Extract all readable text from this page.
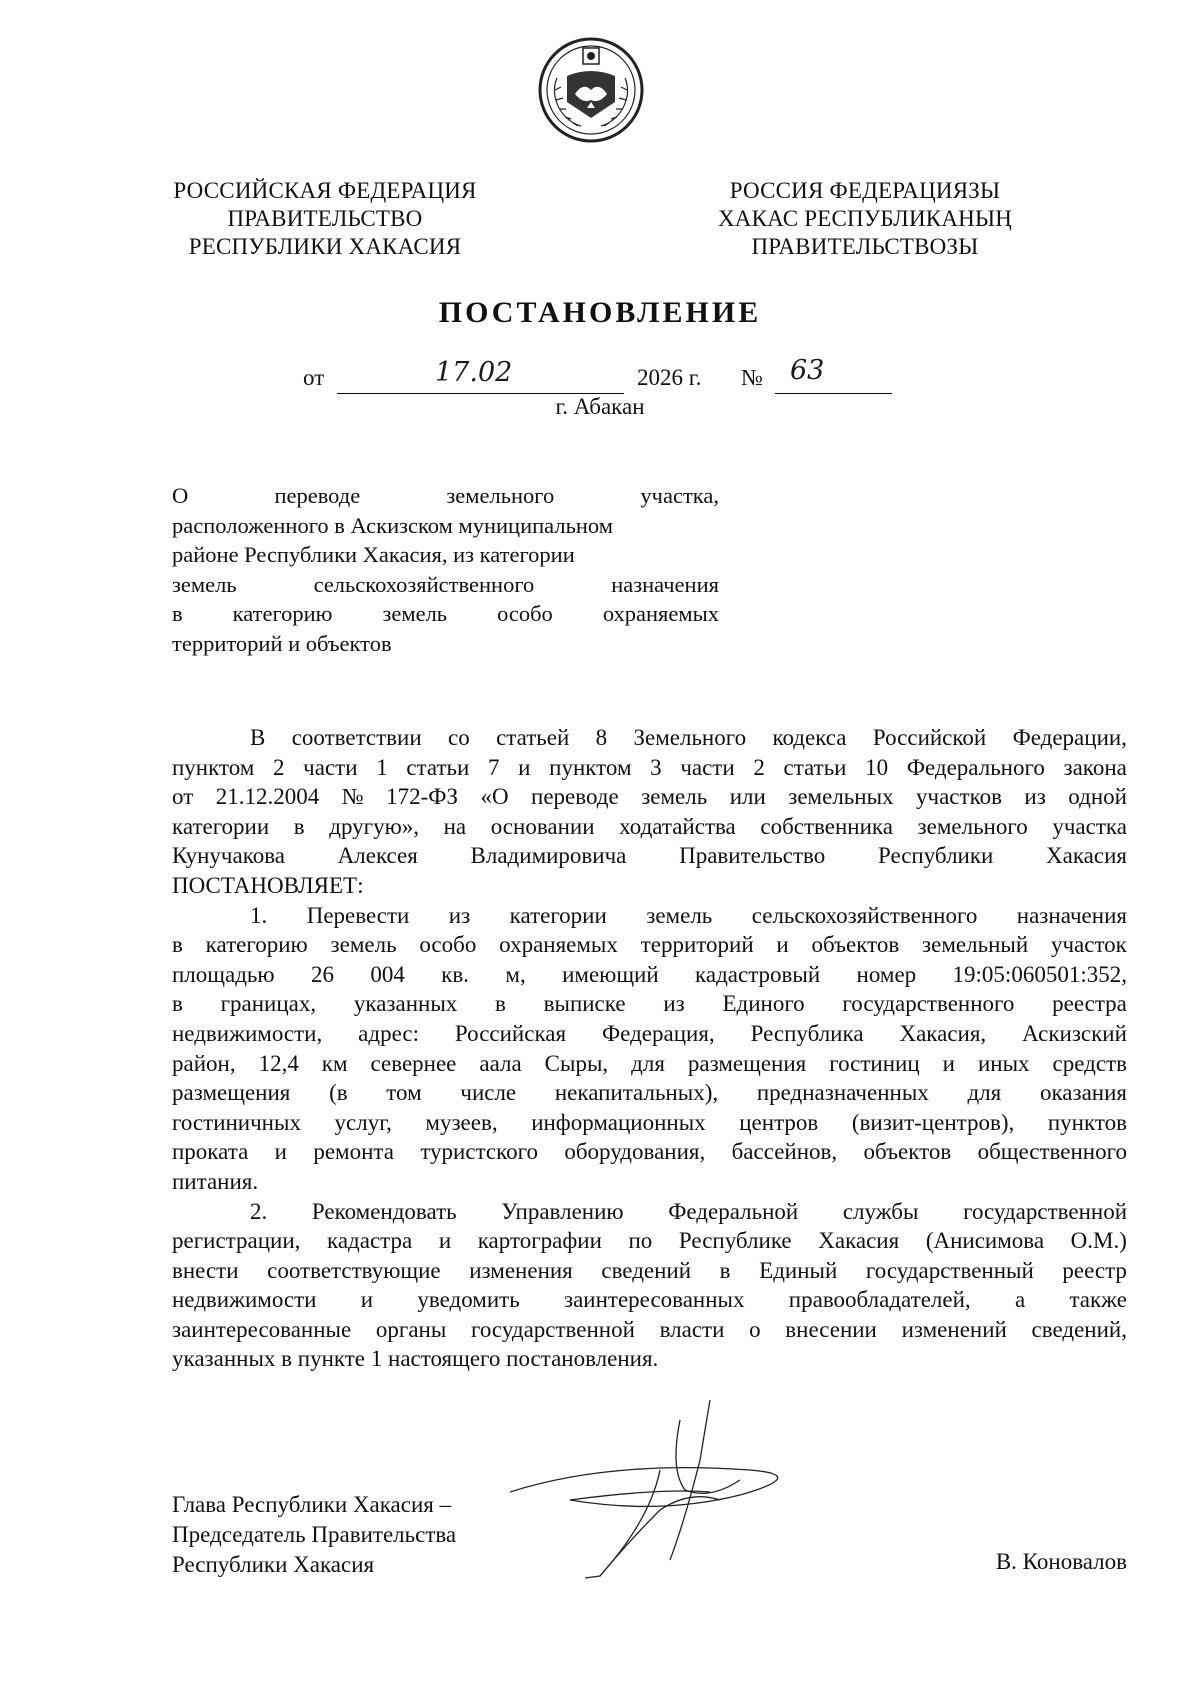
РОССИЙСКАЯ ФЕДЕРАЦИЯ
ПРАВИТЕЛЬСТВО
РЕСПУБЛИКИ ХАКАСИЯ
РОССИЯ ФЕДЕРАЦИЯЗЫ
ХАКАС РЕСПУБЛИКАНЫҢ
ПРАВИТЕЛЬСТВОЗЫ
ПОСТАНОВЛЕНИЕ
от	17.02	2026 г. № 63
г. Абакан
О	переводе	земельного	участка,
расположенного в Аскизском муниципальном
районе Республики Хакасия, из категории
земель	сельскохозяйственного	назначения
в категорию земель особо охраняемых
территорий и объектов
В соответствии со статьей 8 Земельного кодекса Российской Федерации,
пунктом 2 части 1 статьи 7 и пунктом 3 части 2 статьи 10 Федерального закона
от 21.12.2004 № 172-ФЗ «О переводе земель или земельных участков из одной
категории в другую», на основании ходатайства собственника земельного участка
Кунучакова Алексея Владимировича Правительство Республики Хакасия
ПОСТАНОВЛЯЕТ:
1. Перевести из категории земель сельскохозяйственного назначения
в категорию земель особо охраняемых территорий и объектов земельный участок
площадью 26 004 кв. м, имеющий кадастровый номер 19:05:060501:352,
в границах, указанных в выписке из Единого государственного реестра
недвижимости, адрес: Российская Федерация, Республика Хакасия, Аскизский
район, 12,4 км севернее аала Сыры, для размещения гостиниц и иных средств
размещения (в том числе некапитальных), предназначенных для оказания
гостиничных услуг, музеев, информационных центров (визит-центров), пунктов
проката и ремонта туристского оборудования, бассейнов, объектов общественного
питания.
2. Рекомендовать Управлению Федеральной службы государственной
регистрации, кадастра и картографии по Республике Хакасия (Анисимова О.М.)
внести соответствующие изменения сведений в Единый государственный реестр
недвижимости и уведомить заинтересованных правообладателей, а также
заинтересованные органы государственной власти о внесении изменений сведений,
указанных в пункте 1 настоящего постановления.
Глава Республики Хакасия –
Председатель Правительства
Республики Хакасия	В. Коновалов
